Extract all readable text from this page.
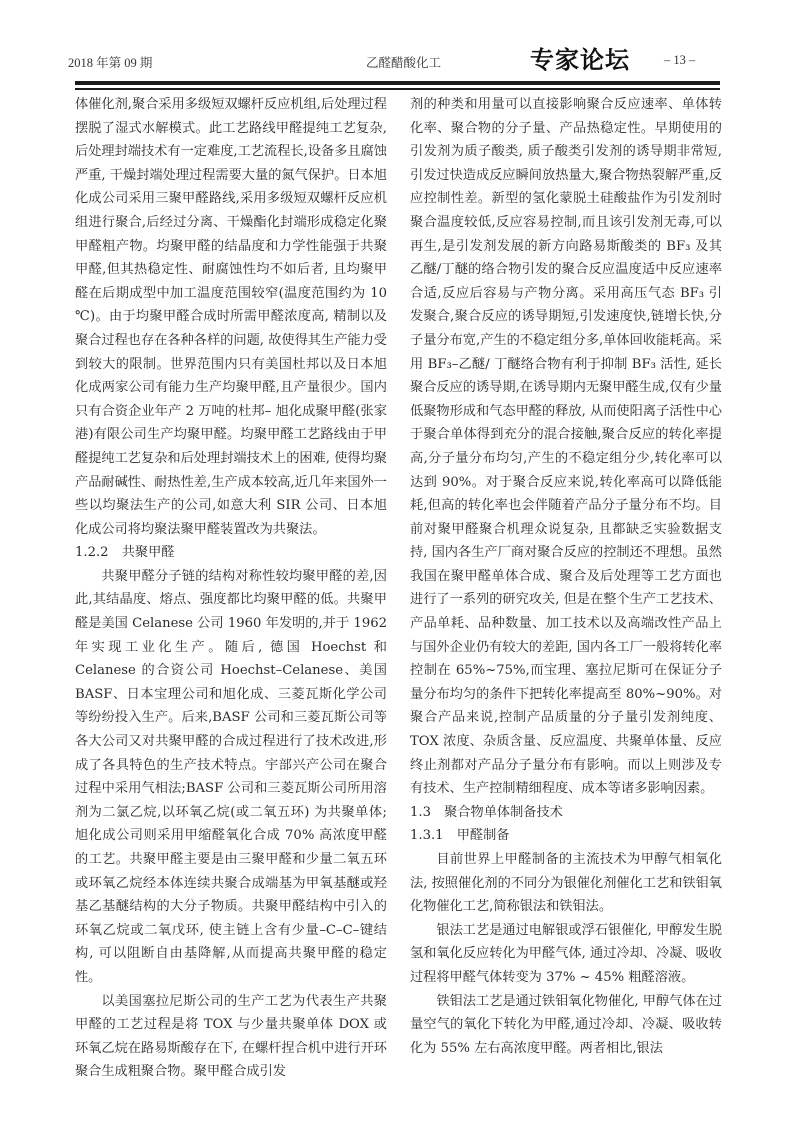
2018 年第 09 期	乙醛醋酸化工	专家论坛	– 13 –

体催化剂,聚合采用多级短双螺杆反应机组,后处理过程摆脱了湿式水解模式。此工艺路线甲醛提纯工艺复杂,后处理封端技术有一定难度,工艺流程长,设备多且腐蚀严重, 干燥封端处理过程需要大量的氮气保护。日本旭化成公司采用三聚甲醛路线,采用多级短双螺杆反应机组进行聚合,后经过分离、干燥酯化封端形成稳定化聚甲醛粗产物。均聚甲醛的结晶度和力学性能强于共聚甲醛,但其热稳定性、耐腐蚀性均不如后者, 且均聚甲醛在后期成型中加工温度范围较窄(温度范围约为 10 ℃)。由于均聚甲醛合成时所需甲醛浓度高, 精制以及聚合过程也存在各种各样的问题, 故使得其生产能力受到较大的限制。世界范围内只有美国杜邦以及日本旭化成两家公司有能力生产均聚甲醛,且产量很少。国内只有合资企业年产 2 万吨的杜邦– 旭化成聚甲醛(张家港)有限公司生产均聚甲醛。均聚甲醛工艺路线由于甲醛提纯工艺复杂和后处理封端技术上的困难, 使得均聚产品耐碱性、耐热性差,生产成本较高,近几年来国外一些以均聚法生产的公司,如意大利 SIR 公司、日本旭化成公司将均聚法聚甲醛装置改为共聚法。

1.2.2　共聚甲醛

共聚甲醛分子链的结构对称性较均聚甲醛的差,因此,其结晶度、熔点、强度都比均聚甲醛的低。共聚甲醛是美国 Celanese 公司 1960 年发明的,并于 1962 年实现工业化生产。随后, 德国 Hoechst 和 Celanese 的合资公司 Hoechst–Celanese、美国 BASF、日本宝理公司和旭化成、三菱瓦斯化学公司等纷纷投入生产。后来,BASF 公司和三菱瓦斯公司等各大公司又对共聚甲醛的合成过程进行了技术改进,形成了各具特色的生产技术特点。宇部兴产公司在聚合过程中采用气相法;BASF 公司和三菱瓦斯公司所用溶剂为二氯乙烷,以环氧乙烷(或二氧五环) 为共聚单体; 旭化成公司则采用甲缩醛氧化合成 70% 高浓度甲醛的工艺。共聚甲醛主要是由三聚甲醛和少量二氧五环或环氧乙烷经本体连续共聚合成端基为甲氧基醚或羟基乙基醚结构的大分子物质。共聚甲醛结构中引入的环氧乙烷或二氧戊环, 使主链上含有少量–C–C–键结构, 可以阻断自由基降解,从而提高共聚甲醛的稳定性。

以美国塞拉尼斯公司的生产工艺为代表生产共聚甲醛的工艺过程是将 TOX 与少量共聚单体 DOX 或环氧乙烷在路易斯酸存在下, 在螺杆捏合机中进行开环聚合生成粗聚合物。聚甲醛合成引发

剂的种类和用量可以直接影响聚合反应速率、单体转化率、聚合物的分子量、产品热稳定性。早期使用的引发剂为质子酸类, 质子酸类引发剂的诱导期非常短,引发过快造成反应瞬间放热量大,聚合物热裂解严重,反应控制性差。新型的氢化蒙脱土硅酸盐作为引发剂时聚合温度较低,反应容易控制,而且该引发剂无毒,可以再生,是引发剂发展的新方向路易斯酸类的 BF₃ 及其乙醚/丁醚的络合物引发的聚合反应温度适中反应速率合适,反应后容易与产物分离。采用高压气态 BF₃ 引发聚合,聚合反应的诱导期短,引发速度快,链增长快,分子量分布宽,产生的不稳定组分多,单体回收能耗高。采用 BF₃–乙醚/ 丁醚络合物有利于抑制 BF₃ 活性, 延长聚合反应的诱导期,在诱导期内无聚甲醛生成,仅有少量低聚物形成和气态甲醛的释放, 从而使阳离子活性中心于聚合单体得到充分的混合接触,聚合反应的转化率提高,分子量分布均匀,产生的不稳定组分少,转化率可以达到 90%。对于聚合反应来说,转化率高可以降低能耗,但高的转化率也会伴随着产品分子量分布不均。目前对聚甲醛聚合机理众说复杂, 且都缺乏实验数据支持, 国内各生产厂商对聚合反应的控制还不理想。虽然我国在聚甲醛单体合成、聚合及后处理等工艺方面也进行了一系列的研究攻关, 但是在整个生产工艺技术、产品单耗、品种数量、加工技术以及高端改性产品上与国外企业仍有较大的差距, 国内各工厂一般将转化率控制在 65%~75%,而宝理、塞拉尼斯可在保证分子量分布均匀的条件下把转化率提高至 80%~90%。对聚合产品来说,控制产品质量的分子量引发剂纯度、TOX 浓度、杂质含量、反应温度、共聚单体量、反应终止剂都对产品分子量分布有影响。而以上则涉及专有技术、生产控制精细程度、成本等诸多影响因素。

1.3　聚合物单体制备技术

1.3.1　甲醛制备

目前世界上甲醛制备的主流技术为甲醇气相氧化法, 按照催化剂的不同分为银催化剂催化工艺和铁钼氧化物催化工艺,简称银法和铁钼法。

银法工艺是通过电解银或浮石银催化, 甲醇发生脱氢和氧化反应转化为甲醛气体, 通过冷却、冷凝、吸收过程将甲醛气体转变为 37% ~ 45% 粗醛溶液。

铁钼法工艺是通过铁钼氧化物催化, 甲醇气体在过量空气的氧化下转化为甲醛,通过冷却、冷凝、吸收转化为 55% 左右高浓度甲醛。两者相比,银法
